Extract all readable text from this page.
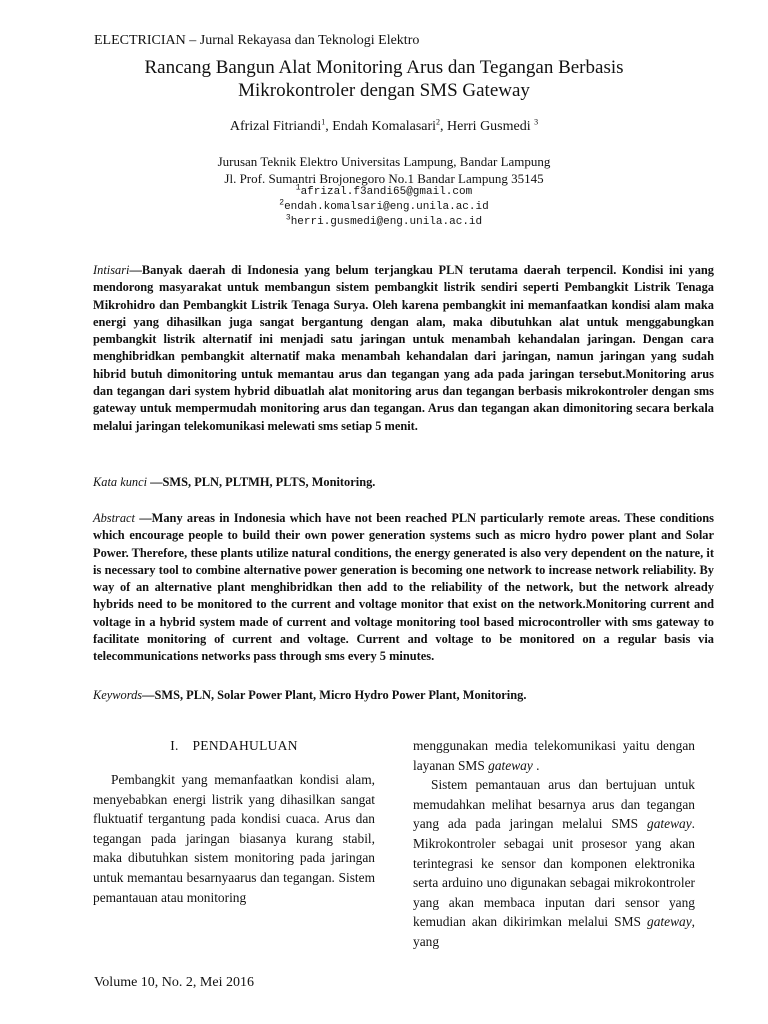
ELECTRICIAN – Jurnal Rekayasa dan Teknologi Elektro
Rancang Bangun Alat Monitoring Arus dan Tegangan Berbasis
Mikrokontroler dengan SMS Gateway
Afrizal Fitriandi$^1$, Endah Komalasari$^2$, Herri Gusmedi $^3$
Jurusan Teknik Elektro Universitas Lampung, Bandar Lampung
Jl. Prof. Sumantri Brojonegoro No.1 Bandar Lampung 35145
$^1$afrizal.f3andi65@gmail.com
$^2$endah.komalsari@eng.unila.ac.id
$^3$herri.gusmedi@eng.unila.ac.id
Intisari—Banyak daerah di Indonesia yang belum terjangkau PLN terutama daerah terpencil. Kondisi ini yang mendorong masyarakat untuk membangun sistem pembangkit listrik sendiri seperti Pembangkit Listrik Tenaga Mikrohidro dan Pembangkit Listrik Tenaga Surya. Oleh karena pembangkit ini memanfaatkan kondisi alam maka energi yang dihasilkan juga sangat bergantung dengan alam, maka dibutuhkan alat untuk menggabungkan pembangkit listrik alternatif ini menjadi satu jaringan untuk menambah kehandalan jaringan. Dengan cara menghibridkan pembangkit alternatif maka menambah kehandalan dari jaringan, namun jaringan yang sudah hibrid butuh dimonitoring untuk memantau arus dan tegangan yang ada pada jaringan tersebut.Monitoring arus dan tegangan dari system hybrid dibuatlah alat monitoring arus dan tegangan berbasis mikrokontroler dengan sms gateway untuk mempermudah monitoring arus dan tegangan. Arus dan tegangan akan dimonitoring secara berkala melalui jaringan telekomunikasi melewati sms setiap 5 menit.
Kata kunci —SMS, PLN, PLTMH, PLTS, Monitoring.
Abstract —Many areas in Indonesia which have not been reached PLN particularly remote areas. These conditions which encourage people to build their own power generation systems such as micro hydro power plant and Solar Power. Therefore, these plants utilize natural conditions, the energy generated is also very dependent on the nature, it is necessary tool to combine alternative power generation is becoming one network to increase network reliability. By way of an alternative plant menghibridkan then add to the reliability of the network, but the network already hybrids need to be monitored to the current and voltage monitor that exist on the network.Monitoring current and voltage in a hybrid system made of current and voltage monitoring tool based microcontroller with sms gateway to facilitate monitoring of current and voltage. Current and voltage to be monitored on a regular basis via telecommunications networks pass through sms every 5 minutes.
Keywords—SMS, PLN, Solar Power Plant, Micro Hydro Power Plant, Monitoring.
I. PENDAHULUAN

Pembangkit yang memanfaatkan kondisi alam, menyebabkan energi listrik yang dihasilkan sangat fluktuatif tergantung pada kondisi cuaca. Arus dan tegangan pada jaringan biasanya kurang stabil, maka dibutuhkan sistem monitoring pada jaringan untuk memantau besarnyaarus dan tegangan. Sistem pemantauan atau monitoring

menggunakan media telekomunikasi yaitu dengan layanan SMS gateway .

Sistem pemantauan arus dan bertujuan untuk memudahkan melihat besarnya arus dan tegangan yang ada pada jaringan melalui SMS gateway. Mikrokontroler sebagai unit prosesor yang akan terintegrasi ke sensor dan komponen elektronika serta arduino uno digunakan sebagai mikrokontroler yang akan membaca inputan dari sensor yang kemudian akan dikirimkan melalui SMS gateway, yang

Volume 10, No. 2, Mei 2016
